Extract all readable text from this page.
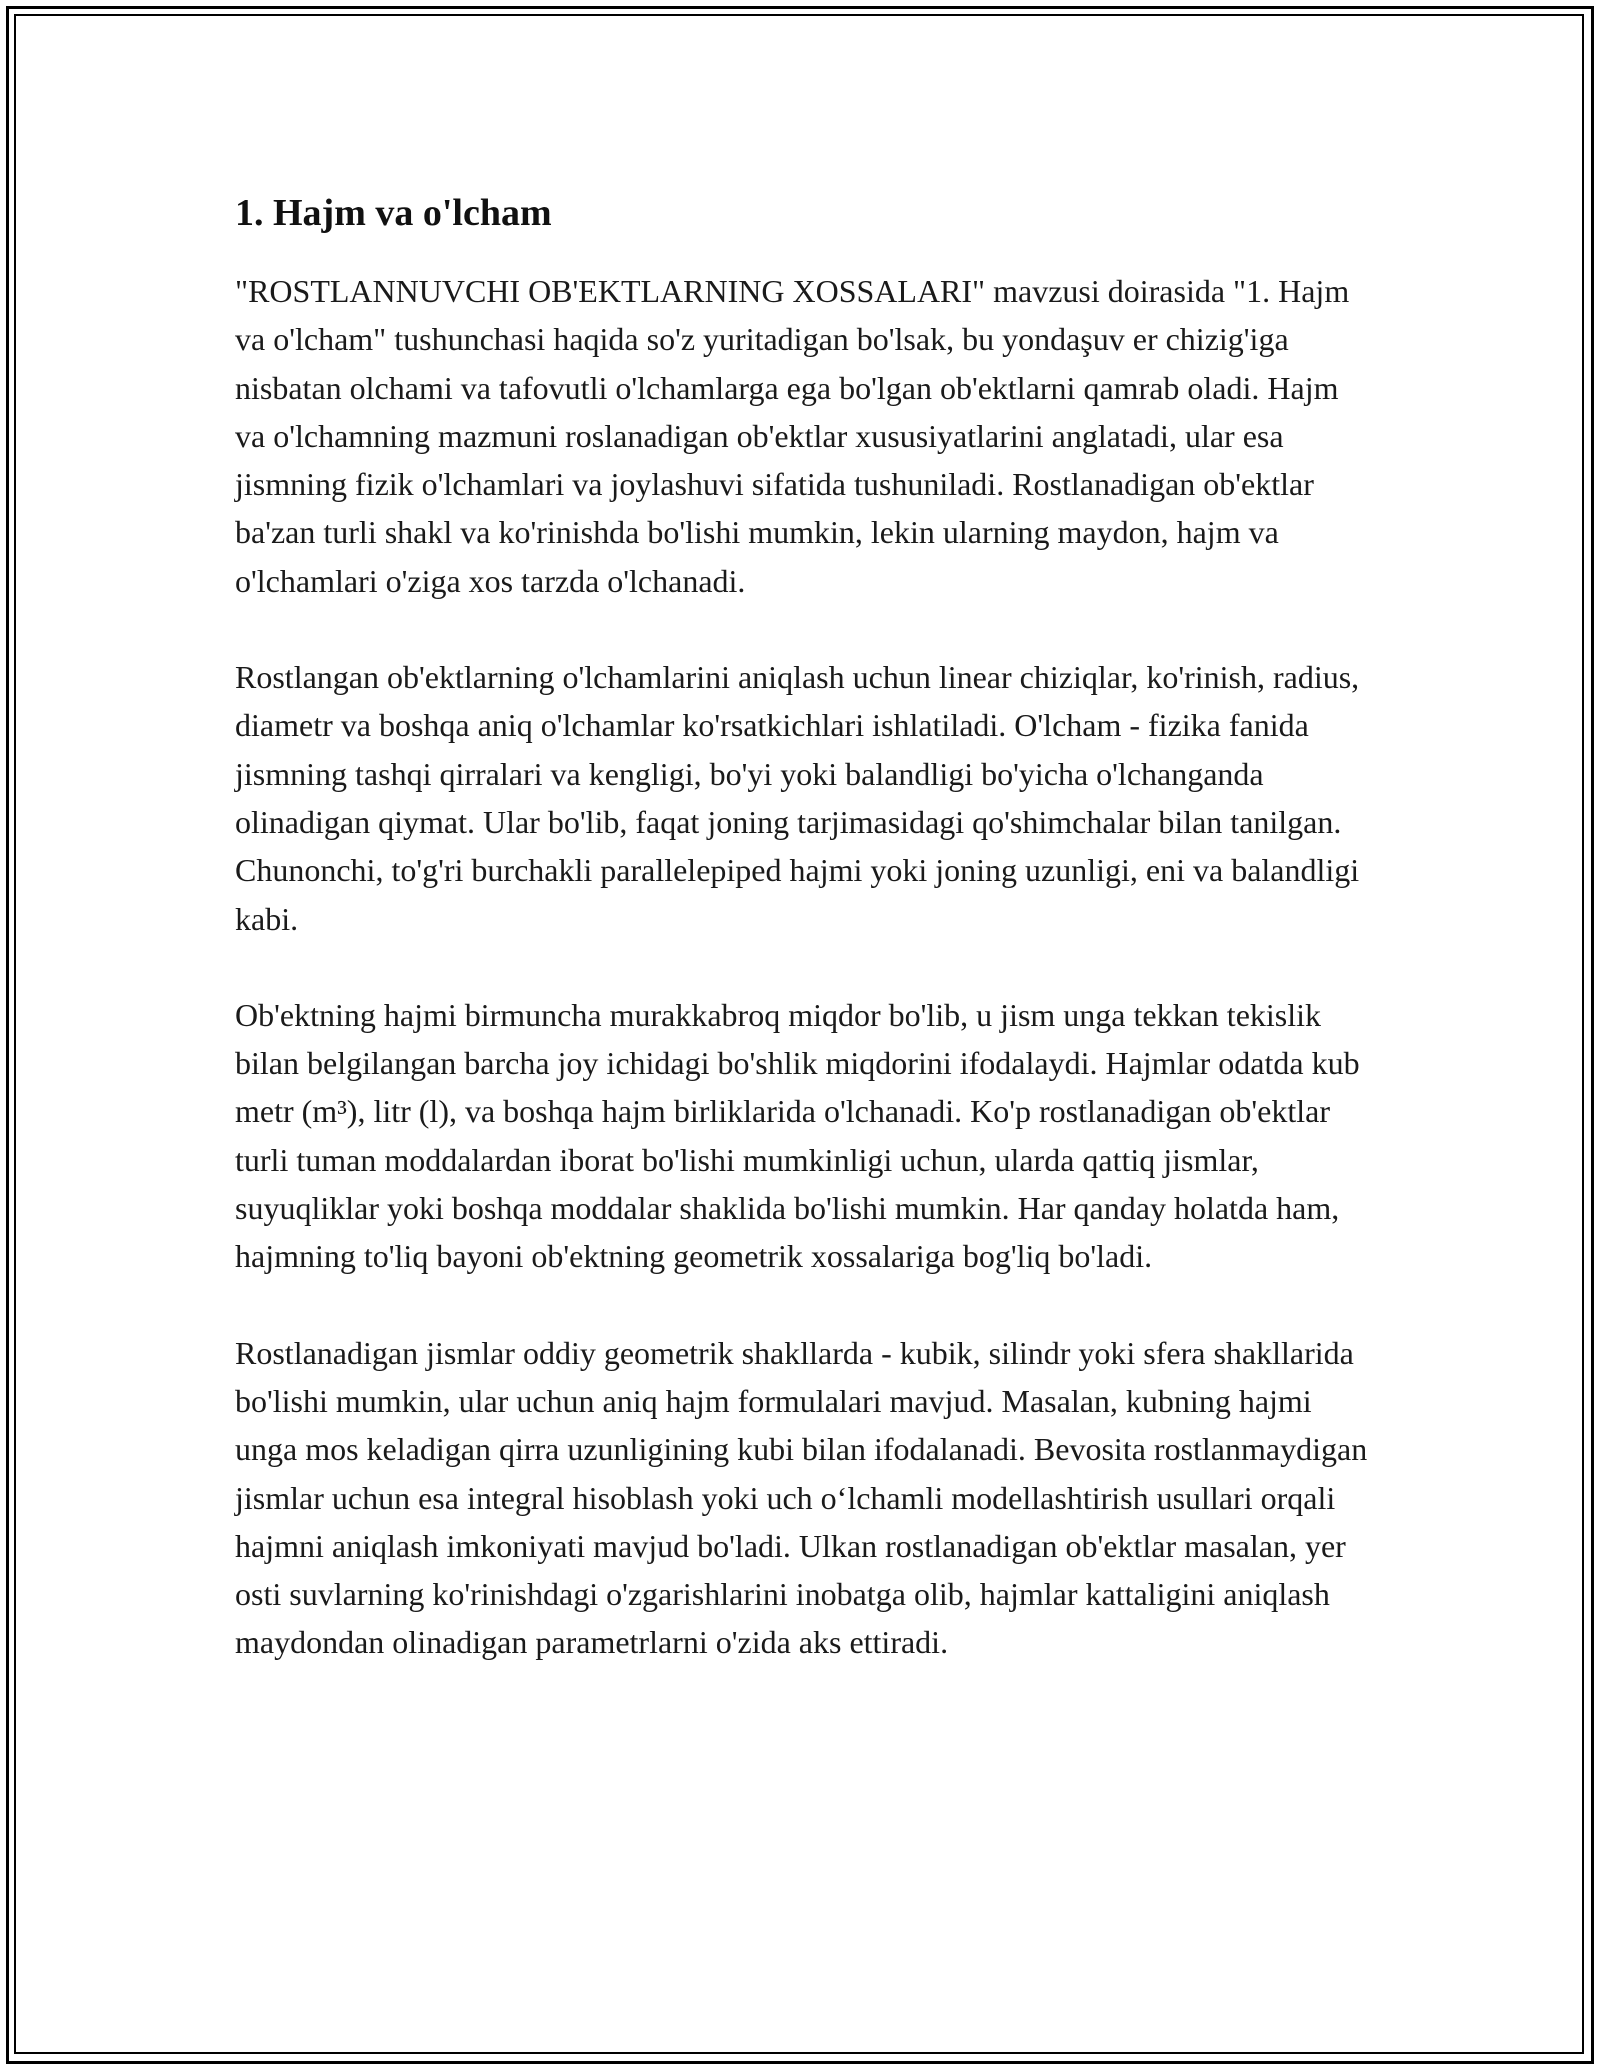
1. Hajm va o'lcham

"ROSTLANNUVCHI OB'EKTLARNING XOSSALARI" mavzusi doirasida "1. Hajm va o'lcham" tushunchasi haqida so'z yuritadigan bo'lsak, bu yondaşuv er chizig'iga nisbatan olchami va tafovutli o'lchamlarga ega bo'lgan ob'ektlarni qamrab oladi. Hajm va o'lchamning mazmuni roslanadigan ob'ektlar xususiyatlarini anglatadi, ular esa jismning fizik o'lchamlari va joylashuvi sifatida tushuniladi. Rostlanadigan ob'ektlar ba'zan turli shakl va ko'rinishda bo'lishi mumkin, lekin ularning maydon, hajm va o'lchamlari o'ziga xos tarzda o'lchanadi.

Rostlangan ob'ektlarning o'lchamlarini aniqlash uchun linear chiziqlar, ko'rinish, radius, diametr va boshqa aniq o'lchamlar ko'rsatkichlari ishlatiladi. O'lcham - fizika fanida jismning tashqi qirralari va kengligi, bo'yi yoki balandligi bo'yicha o'lchanganda olinadigan qiymat. Ular bo'lib, faqat joning tarjimasidagi qo'shimchalar bilan tanilgan. Chunonchi, to'g'ri burchakli parallelepiped hajmi yoki joning uzunligi, eni va balandligi kabi.

Ob'ektning hajmi birmuncha murakkabroq miqdor bo'lib, u jism unga tekkan tekislik bilan belgilangan barcha joy ichidagi bo'shlik miqdorini ifodalaydi. Hajmlar odatda kub metr (m³), litr (l), va boshqa hajm birliklarida o'lchanadi. Ko'p rostlanadigan ob'ektlar turli tuman moddalardan iborat bo'lishi mumkinligi uchun, ularda qattiq jismlar, suyuqliklar yoki boshqa moddalar shaklida bo'lishi mumkin. Har qanday holatda ham, hajmning to'liq bayoni ob'ektning geometrik xossalariga bog'liq bo'ladi.

Rostlanadigan jismlar oddiy geometrik shakllarda - kubik, silindr yoki sfera shakllarida bo'lishi mumkin, ular uchun aniq hajm formulalari mavjud. Masalan, kubning hajmi unga mos keladigan qirra uzunligining kubi bilan ifodalanadi. Bevosita rostlanmaydigan jismlar uchun esa integral hisoblash yoki uch o‘lchamli modellashtirish usullari orqali hajmni aniqlash imkoniyati mavjud bo'ladi. Ulkan rostlanadigan ob'ektlar masalan, yer osti suvlarning ko'rinishdagi o'zgarishlarini inobatga olib, hajmlar kattaligini aniqlash maydondan olinadigan parametrlarni o'zida aks ettiradi.
